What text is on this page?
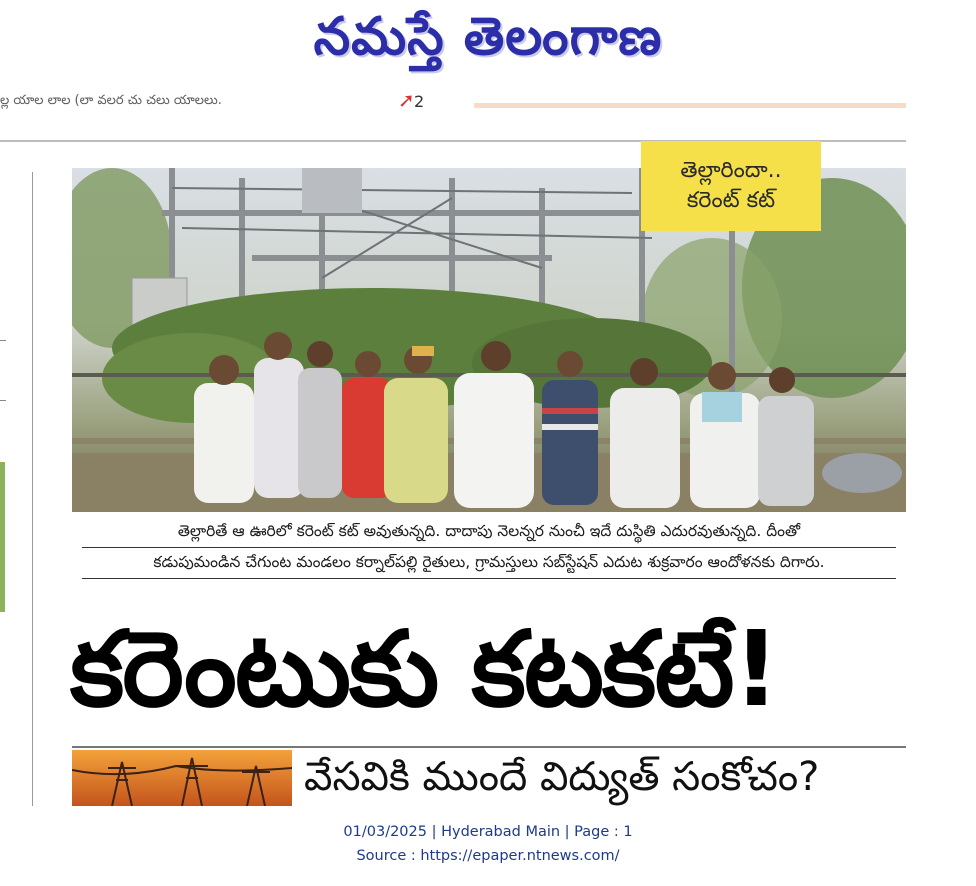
నమస్తే తెలంగాణ
ల్ల యాల లాల (లా వలర చు చలు యాలలు.	➚ 2
తెల్లారిందా..
కరెంట్ కట్
తెల్లారితే ఆ ఊరిలో కరెంట్ కట్ అవుతున్నది. దాదాపు నెలన్నర నుంచీ ఇదే దుస్థితి ఎదురవుతున్నది. దీంతో
కడుపుమండిన చేగుంట మండలం కర్నాల్‌పల్లి రైతులు, గ్రామస్తులు సబ్‌స్టేషన్ ఎదుట శుక్రవారం ఆందోళనకు దిగారు.
కరెంటుకు కటకటే!
వేసవికి ముందే విద్యుత్ సంకోచం?
01/03/2025 | Hyderabad Main | Page : 1
Source : https://epaper.ntnews.com/
